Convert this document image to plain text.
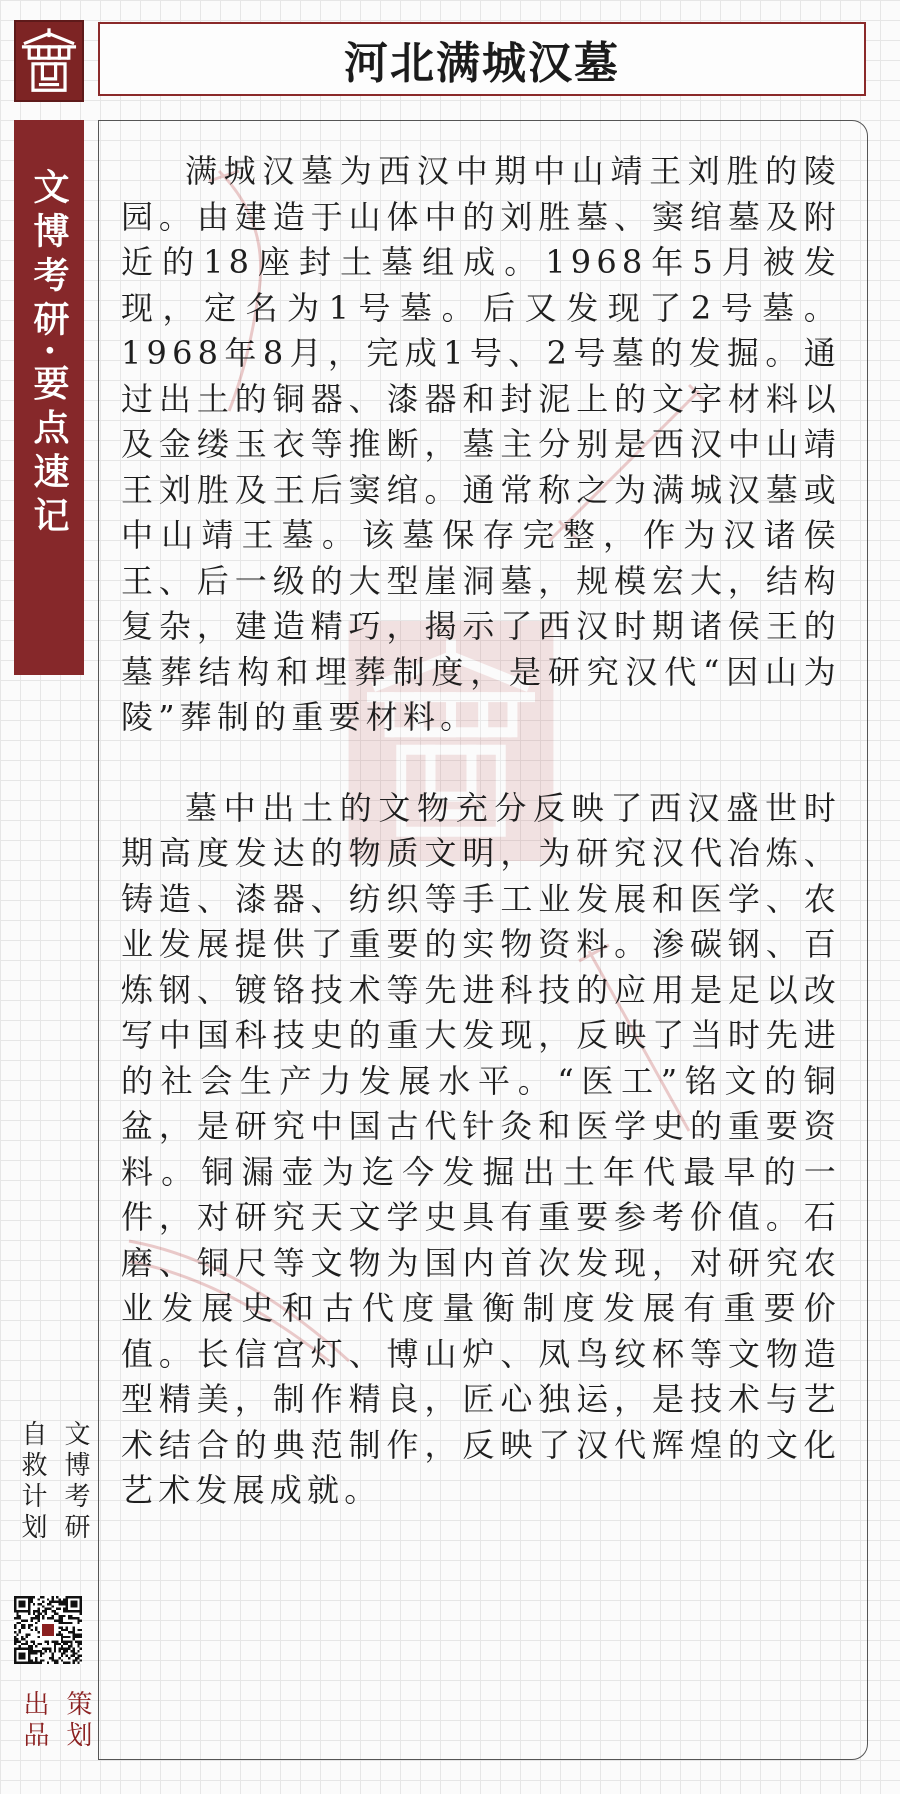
文博考研·要点速记
河北满城汉墓

满城汉墓为西汉中期中山靖王刘胜的陵园。由建造于山体中的刘胜墓、窦绾墓及附近的18座封土墓组成。1968年5月被发现，定名为1号墓。后又发现了2号墓。1968年8月，完成1号、2号墓的发掘。通过出土的铜器、漆器和封泥上的文字材料以及金缕玉衣等推断，墓主分别是西汉中山靖王刘胜及王后窦绾。通常称之为满城汉墓或中山靖王墓。该墓保存完整，作为汉诸侯王、后一级的大型崖洞墓，规模宏大，结构复杂，建造精巧，揭示了西汉时期诸侯王的墓葬结构和埋葬制度，是研究汉代“因山为陵”葬制的重要材料。

墓中出土的文物充分反映了西汉盛世时期高度发达的物质文明，为研究汉代冶炼、铸造、漆器、纺织等手工业发展和医学、农业发展提供了重要的实物资料。渗碳钢、百炼钢、镀铬技术等先进科技的应用是足以改写中国科技史的重大发现，反映了当时先进的社会生产力发展水平。“医工”铭文的铜盆，是研究中国古代针灸和医学史的重要资料。铜漏壶为迄今发掘出土年代最早的一件，对研究天文学史具有重要参考价值。石磨、铜尺等文物为国内首次发现，对研究农业发展史和古代度量衡制度发展有重要价值。长信宫灯、博山炉、凤鸟纹杯等文物造型精美，制作精良，匠心独运，是技术与艺术结合的典范制作，反映了汉代辉煌的文化艺术发展成就。

文博考研
自救计划
策划
出品
